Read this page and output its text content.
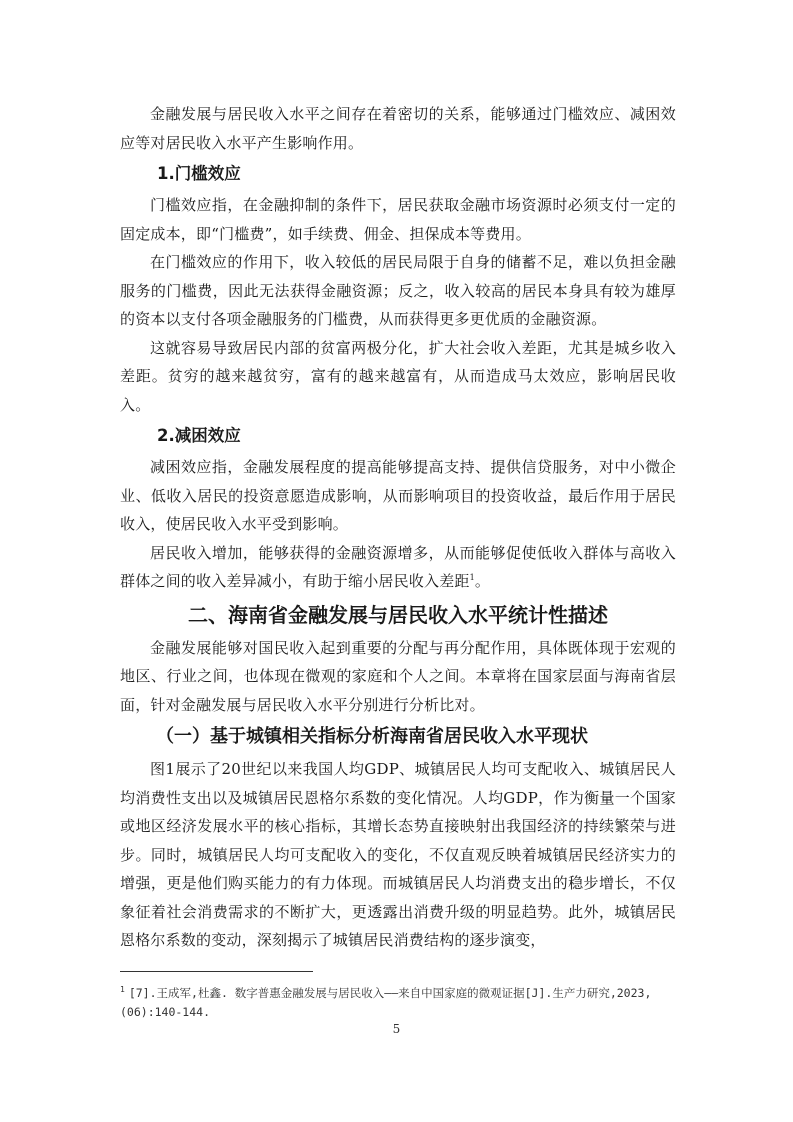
金融发展与居民收入水平之间存在着密切的关系，能够通过门槛效应、减困效应等对居民收入水平产生影响作用。

1.门槛效应

门槛效应指，在金融抑制的条件下，居民获取金融市场资源时必须支付一定的固定成本，即“门槛费”，如手续费、佣金、担保成本等费用。

在门槛效应的作用下，收入较低的居民局限于自身的储蓄不足，难以负担金融服务的门槛费，因此无法获得金融资源；反之，收入较高的居民本身具有较为雄厚的资本以支付各项金融服务的门槛费，从而获得更多更优质的金融资源。

这就容易导致居民内部的贫富两极分化，扩大社会收入差距，尤其是城乡收入差距。贫穷的越来越贫穷，富有的越来越富有，从而造成马太效应，影响居民收入。

2.减困效应

减困效应指，金融发展程度的提高能够提高支持、提供信贷服务，对中小微企业、低收入居民的投资意愿造成影响，从而影响项目的投资收益，最后作用于居民收入，使居民收入水平受到影响。

居民收入增加，能够获得的金融资源增多，从而能够促使低收入群体与高收入群体之间的收入差异减小，有助于缩小居民收入差距$^1$。

二、海南省金融发展与居民收入水平统计性描述

金融发展能够对国民收入起到重要的分配与再分配作用，具体既体现于宏观的地区、行业之间，也体现在微观的家庭和个人之间。本章将在国家层面与海南省层面，针对金融发展与居民收入水平分别进行分析比对。

（一）基于城镇相关指标分析海南省居民收入水平现状

图1展示了20世纪以来我国人均GDP、城镇居民人均可支配收入、城镇居民人均消费性支出以及城镇居民恩格尔系数的变化情况。人均GDP，作为衡量一个国家或地区经济发展水平的核心指标，其增长态势直接映射出我国经济的持续繁荣与进步。同时，城镇居民人均可支配收入的变化，不仅直观反映着城镇居民经济实力的增强，更是他们购买能力的有力体现。而城镇居民人均消费支出的稳步增长，不仅象征着社会消费需求的不断扩大，更透露出消费升级的明显趋势。此外，城镇居民恩格尔系数的变动，深刻揭示了城镇居民消费结构的逐步演变，

$^1$ [7].王成军,杜鑫. 数字普惠金融发展与居民收入——来自中国家庭的微观证据[J].生产力研究,2023,(06):140-144.
5
